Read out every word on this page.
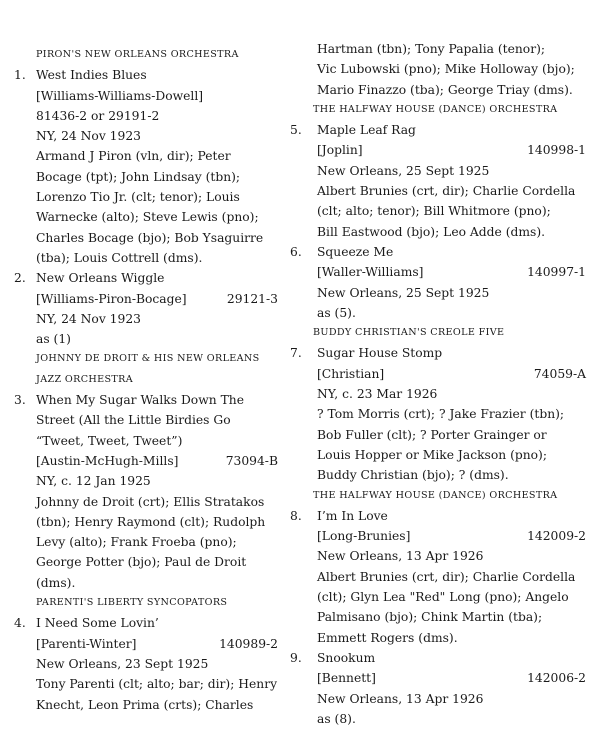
PIRON'S NEW ORLEANS ORCHESTRA
1. West Indies Blues
[Williams-Williams-Dowell]
81436-2 or 29191-2
NY, 24 Nov 1923
Armand J Piron (vln, dir); Peter
Bocage (tpt); John Lindsay (tbn);
Lorenzo Tio Jr. (clt; tenor); Louis
Warnecke (alto); Steve Lewis (pno);
Charles Bocage (bjo); Bob Ysaguirre
(tba); Louis Cottrell (dms).
2. New Orleans Wiggle
[Williams-Piron-Bocage]	29121-3
NY, 24 Nov 1923
as (1)
JOHNNY DE DROIT & HIS NEW ORLEANS
JAZZ ORCHESTRA
3. When My Sugar Walks Down The
Street (All the Little Birdies Go
“Tweet, Tweet, Tweet”)
[Austin-McHugh-Mills]	73094-B
NY, c. 12 Jan 1925
Johnny de Droit (crt); Ellis Stratakos
(tbn); Henry Raymond (clt); Rudolph
Levy (alto); Frank Froeba (pno);
George Potter (bjo); Paul de Droit
(dms).
PARENTI'S LIBERTY SYNCOPATORS
4. I Need Some Lovin’
[Parenti-Winter]	140989-2
New Orleans, 23 Sept 1925
Tony Parenti (clt; alto; bar; dir); Henry
Knecht, Leon Prima (crts); Charles
Hartman (tbn); Tony Papalia (tenor);
Vic Lubowski (pno); Mike Holloway (bjo);
Mario Finazzo (tba); George Triay (dms).
THE HALFWAY HOUSE (DANCE) ORCHESTRA
5. Maple Leaf Rag
[Joplin]	140998-1
New Orleans, 25 Sept 1925
Albert Brunies (crt, dir); Charlie Cordella
(clt; alto; tenor); Bill Whitmore (pno);
Bill Eastwood (bjo); Leo Adde (dms).
6. Squeeze Me
[Waller-Williams]	140997-1
New Orleans, 25 Sept 1925
as (5).
BUDDY CHRISTIAN'S CREOLE FIVE
7. Sugar House Stomp
[Christian]	74059-A
NY, c. 23 Mar 1926
? Tom Morris (crt); ? Jake Frazier (tbn);
Bob Fuller (clt); ? Porter Grainger or
Louis Hopper or Mike Jackson (pno);
Buddy Christian (bjo); ? (dms).
THE HALFWAY HOUSE (DANCE) ORCHESTRA
8. I’m In Love
[Long-Brunies]	142009-2
New Orleans, 13 Apr 1926
Albert Brunies (crt, dir); Charlie Cordella
(clt); Glyn Lea "Red" Long (pno); Angelo
Palmisano (bjo); Chink Martin (tba);
Emmett Rogers (dms).
9. Snookum
[Bennett]	142006-2
New Orleans, 13 Apr 1926
as (8).
